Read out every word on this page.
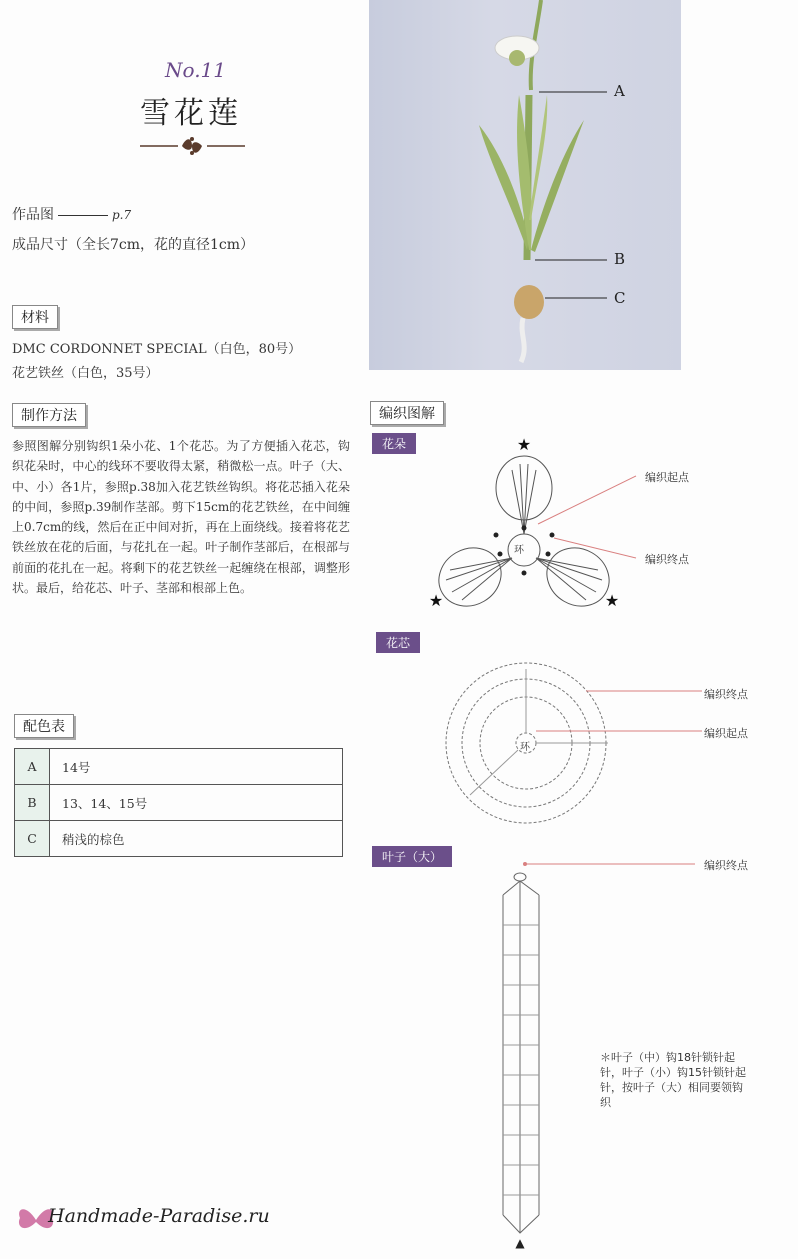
No.11
雪花莲
作品图	p.7
成品尺寸（全长7cm，花的直径1cm）
材料
DMC CORDONNET SPECIAL（白色，80号）
花艺铁丝（白色，35号）
制作方法
参照图解分别钩织1朵小花、1个花芯。为了方便插入花芯，钩织花朵时，中心的线环不要收得太紧，稍微松一点。叶子（大、中、小）各1片，参照p.38加入花艺铁丝钩织。将花芯插入花朵的中间，参照p.39制作茎部。剪下15cm的花艺铁丝，在中间缠上0.7cm的线，然后在正中间对折，再在上面绕线。接着将花艺铁丝放在花的后面，与花扎在一起。叶子制作茎部后，在根部与前面的花扎在一起。将剩下的花艺铁丝一起缠绕在根部，调整形状。最后，给花芯、叶子、茎部和根部上色。
配色表
A	14号
B	13、14、15号
C	稍浅的棕色
A
B
C
编织图解
花朵	★
★	★
环
编织起点
编织终点
花芯
环
编织终点
编织起点
叶子（大）
▲
编织终点
＊叶子（中）钩18针锁针起针，叶子（小）钩15针锁针起针，按叶子（大）相同要领钩织
Handmade-Paradise.ru
